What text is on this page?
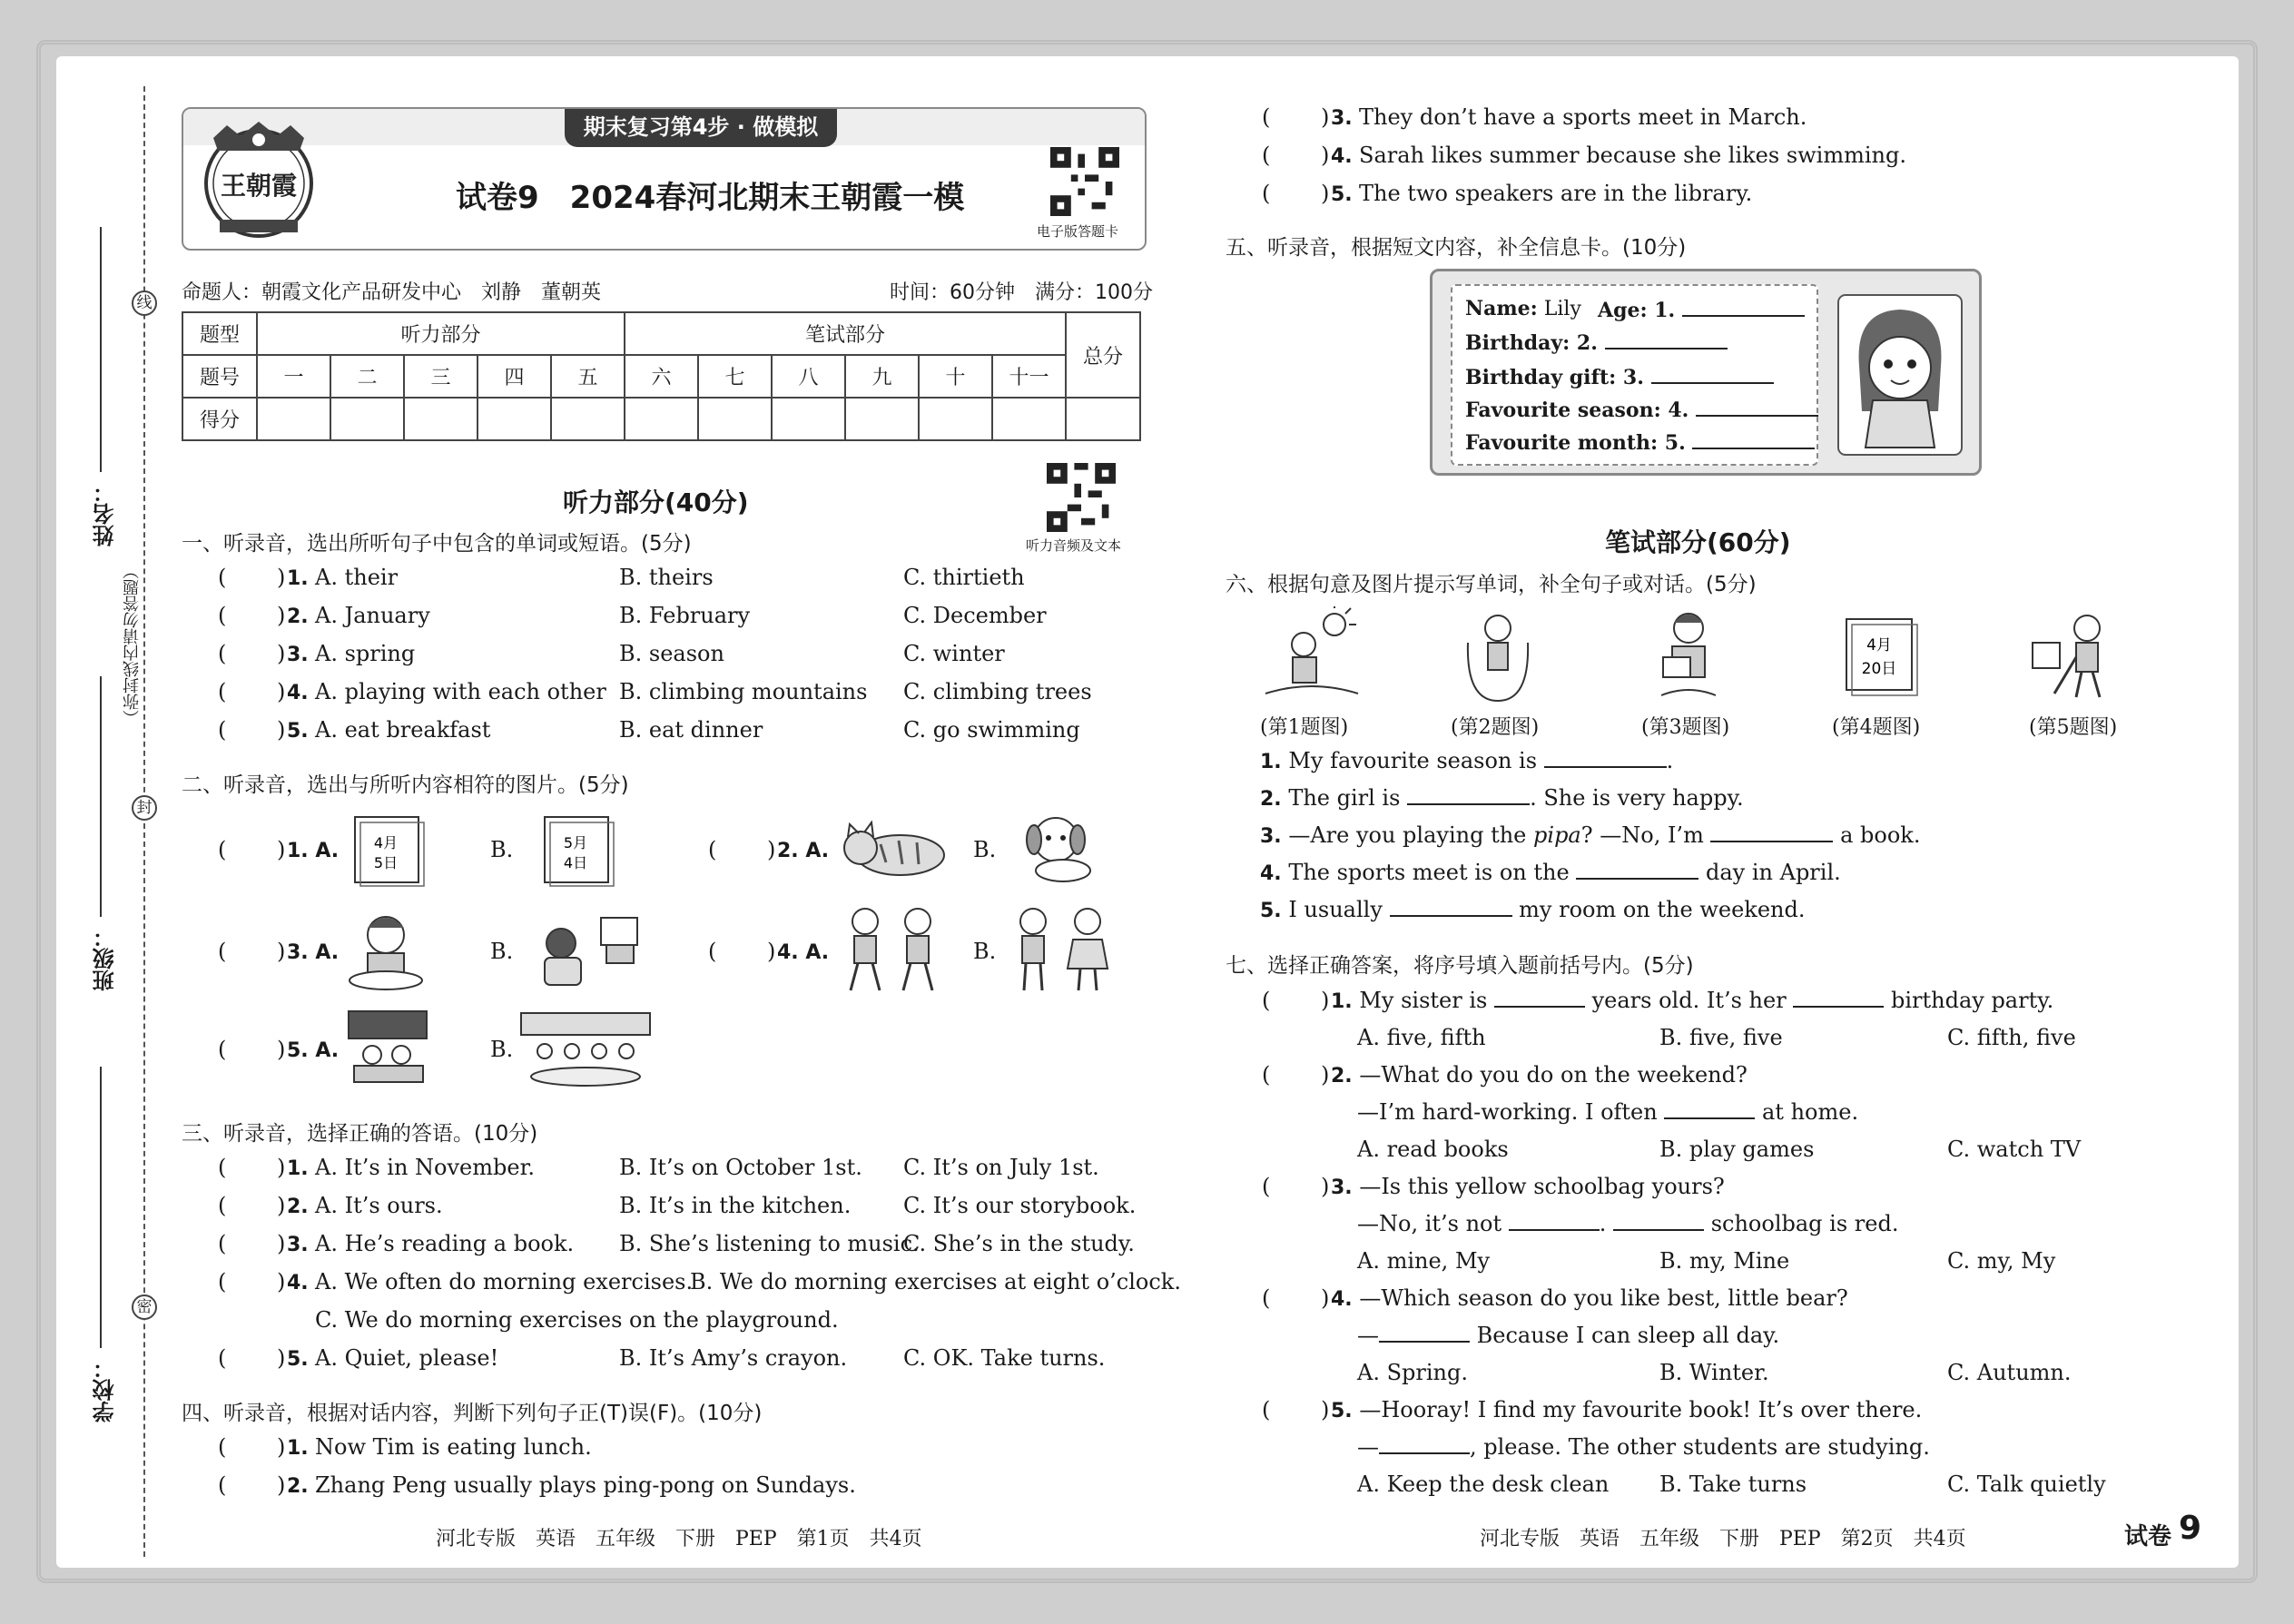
线
封
密
（弥封线内请勿答题）
姓名：
班级：
学校：
王朝霞
期末复习第4步 · 做模拟
试卷9　2024春河北期末王朝霞一模
电子版答题卡
命题人：朝霞文化产品研发中心　刘静　董朝英	时间：60分钟　满分：100分
题型	听力部分					笔试部分						总分
题号	一	二	三	四	五	六	七	八	九	十	十一	
得分												
听力部分(40分)
听力音频及文本
一、听录音，选出所听句子中包含的单词或短语。(5分)
( ) 1. A. their	B. theirs	C. thirtieth
( ) 2. A. January	B. February	C. December
( ) 3. A. spring	B. season	C. winter
( ) 4. A. playing with each other B. climbing mountains C. climbing trees
( ) 5. A. eat breakfast	B. eat dinner	C. go swimming
二、听录音，选出与所听内容相符的图片。(5分)
( ) 1. A. 4月
5日
B.	5月
4日
( ) 2. A.	B.
( ) 3. A.	B.	( ) 4. A.	B.
( ) 5. A.	B.
三、听录音，选择正确的答语。(10分)
( ) 1. A. It’s in November.	B. It’s on October 1st. C. It’s on July 1st.
( ) 2. A. It’s ours.	B. It’s in the kitchen. C. It’s our storybook.
( ) 3. A. He’s reading a book. B. She’s listening to music.
C. She’s in the study.
( ) 4. A. We often do morning exercises.
B. We do morning exercises at eight o’clock.
C. We do morning exercises on the playground.
( ) 5. A. Quiet, please!	B. It’s Amy’s crayon.	C. OK. Take turns.
四、听录音，根据对话内容，判断下列句子正(T)误(F)。(10分)
( ) 1. Now Tim is eating lunch.
( ) 2. Zhang Peng usually plays ping-pong on Sundays.
( ) 3. They don’t have a sports meet in March.
( ) 4. Sarah likes summer because she likes swimming.
( ) 5. The two speakers are in the library.
五、听录音，根据短文内容，补全信息卡。(10分)
Name: Lily Age: 1.
Birthday: 2.
Birthday gift: 3.
Favourite season: 4.
Favourite month: 5.
笔试部分(60分)
六、根据句意及图片提示写单词，补全句子或对话。(5分)
4月
20日
(第1题图)	(第2题图)	(第3题图)	(第4题图)	(第5题图)
1. My favourite season is	.
2. The girl is	. She is very happy.
3. —Are you playing the pipa? —No, I’m	a book.
4. The sports meet is on the	day in April.
5. I usually	my room on the weekend.
七、选择正确答案，将序号填入题前括号内。(5分)
( ) 1. My sister is	years old. It’s her	birthday party.
A. five, fifth	B. five, five	C. fifth, five
( ) 2. —What do you do on the weekend?
—I’m hard-working. I often	at home.
A. read books	B. play games	C. watch TV
( ) 3. —Is this yellow schoolbag yours?
—No, it’s not	.	schoolbag is red.
A. mine, My	B. my, Mine	C. my, My
( ) 4. —Which season do you like best, little bear?
—	Because I can sleep all day.
A. Spring.	B. Winter.	C. Autumn.
( ) 5. —Hooray! I find my favourite book! It’s over there.
—	, please. The other students are studying.
A. Keep the desk clean B. Take turns	C. Talk quietly
河北专版　英语　五年级　下册　PEP　第1页　共4页	河北专版　英语　五年级　下册　PEP　第2页　共4页	试卷 9
